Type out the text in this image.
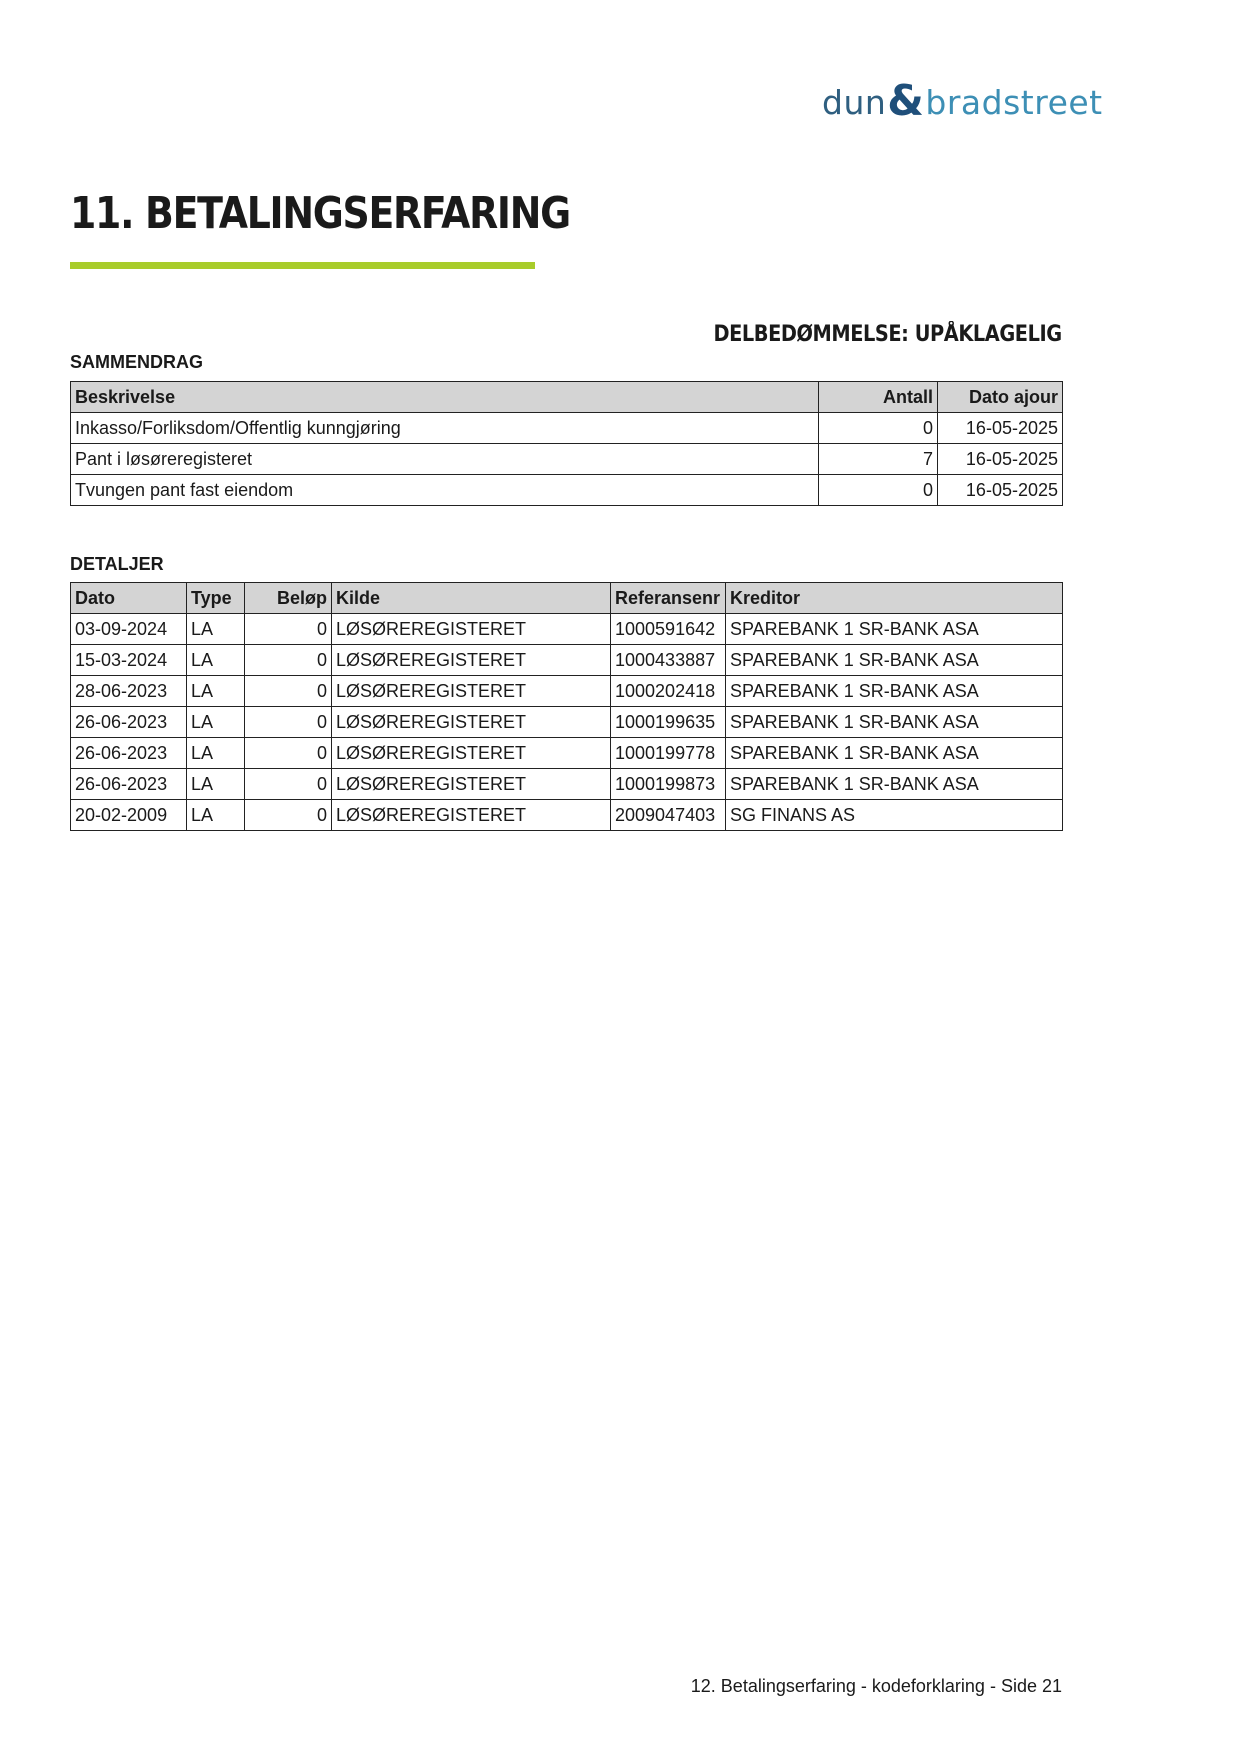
dun & bradstreet
11. BETALINGSERFARING
DELBEDØMMELSE: UPÅKLAGELIG
SAMMENDRAG
Beskrivelse	Antall	Dato ajour
Inkasso/Forliksdom/Offentlig kunngjøring	0	16-05-2025
Pant i løsøreregisteret	7	16-05-2025
Tvungen pant fast eiendom	0	16-05-2025
DETALJER
Dato	Type	Beløp	Kilde	Referansenr	Kreditor
03-09-2024	LA	0	LØSØREREGISTERET	1000591642	SPAREBANK 1 SR-BANK ASA
15-03-2024	LA	0	LØSØREREGISTERET	1000433887	SPAREBANK 1 SR-BANK ASA
28-06-2023	LA	0	LØSØREREGISTERET	1000202418	SPAREBANK 1 SR-BANK ASA
26-06-2023	LA	0	LØSØREREGISTERET	1000199635	SPAREBANK 1 SR-BANK ASA
26-06-2023	LA	0	LØSØREREGISTERET	1000199778	SPAREBANK 1 SR-BANK ASA
26-06-2023	LA	0	LØSØREREGISTERET	1000199873	SPAREBANK 1 SR-BANK ASA
20-02-2009	LA	0	LØSØREREGISTERET	2009047403	SG FINANS AS
12. Betalingserfaring - kodeforklaring - Side 21
